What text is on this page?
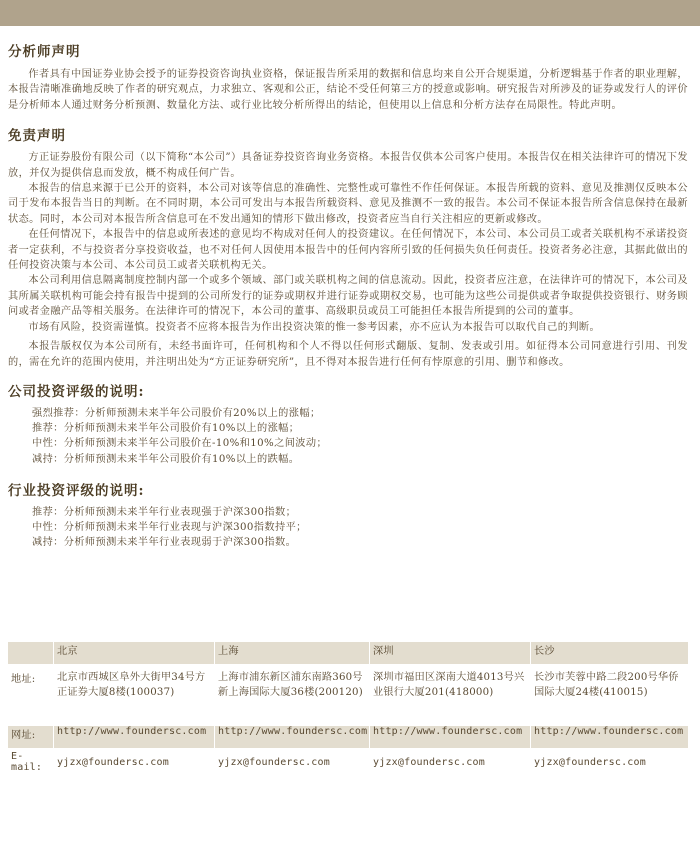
分析师声明

作者具有中国证券业协会授予的证券投资咨询执业资格，保证报告所采用的数据和信息均来自公开合规渠道，分析逻辑基于作者的职业理解，本报告清晰准确地反映了作者的研究观点，力求独立、客观和公正，结论不受任何第三方的授意或影响。研究报告对所涉及的证券或发行人的评价是分析师本人通过财务分析预测、数量化方法、或行业比较分析所得出的结论，但使用以上信息和分析方法存在局限性。特此声明。

免责声明

方正证券股份有限公司（以下简称“本公司”）具备证券投资咨询业务资格。本报告仅供本公司客户使用。本报告仅在相关法律许可的情况下发放，并仅为提供信息而发放，概不构成任何广告。

本报告的信息来源于已公开的资料，本公司对该等信息的准确性、完整性或可靠性不作任何保证。本报告所载的资料、意见及推测仅反映本公司于发布本报告当日的判断。在不同时期，本公司可发出与本报告所载资料、意见及推测不一致的报告。本公司不保证本报告所含信息保持在最新状态。同时，本公司对本报告所含信息可在不发出通知的情形下做出修改，投资者应当自行关注相应的更新或修改。

在任何情况下，本报告中的信息或所表述的意见均不构成对任何人的投资建议。在任何情况下，本公司、本公司员工或者关联机构不承诺投资者一定获利，不与投资者分享投资收益，也不对任何人因使用本报告中的任何内容所引致的任何损失负任何责任。投资者务必注意，其据此做出的任何投资决策与本公司、本公司员工或者关联机构无关。

本公司利用信息隔离制度控制内部一个或多个领域、部门或关联机构之间的信息流动。因此，投资者应注意，在法律许可的情况下，本公司及其所属关联机构可能会持有报告中提到的公司所发行的证券或期权并进行证券或期权交易，也可能为这些公司提供或者争取提供投资银行、财务顾问或者金融产品等相关服务。在法律许可的情况下，本公司的董事、高级职员或员工可能担任本报告所提到的公司的董事。

市场有风险，投资需谨慎。投资者不应将本报告为作出投资决策的惟一参考因素，亦不应认为本报告可以取代自己的判断。

本报告版权仅为本公司所有，未经书面许可，任何机构和个人不得以任何形式翻版、复制、发表或引用。如征得本公司同意进行引用、刊发的，需在允许的范围内使用，并注明出处为“方正证券研究所”，且不得对本报告进行任何有悖原意的引用、删节和修改。

公司投资评级的说明:
强烈推荐：分析师预测未来半年公司股价有20%以上的涨幅；
推荐：分析师预测未来半年公司股价有10%以上的涨幅；
中性：分析师预测未来半年公司股价在-10%和10%之间波动；
减持：分析师预测未来半年公司股价有10%以上的跌幅。
行业投资评级的说明:
推荐：分析师预测未来半年行业表现强于沪深300指数；
中性：分析师预测未来半年行业表现与沪深300指数持平；
减持：分析师预测未来半年行业表现弱于沪深300指数。
	北京	上海	深圳	长沙
地址:	北京市西城区阜外大街甲34号方正证券大厦8楼(100037)	上海市浦东新区浦东南路360号新上海国际大厦36楼(200120)	深圳市福田区深南大道4013号兴业银行大厦201(418000)	长沙市芙蓉中路二段200号华侨国际大厦24楼(410015)
网址:	http://www.foundersc.com	http://www.foundersc.com	http://www.foundersc.com	http://www.foundersc.com
E-mail:	yjzx@foundersc.com	yjzx@foundersc.com	yjzx@foundersc.com	yjzx@foundersc.com
